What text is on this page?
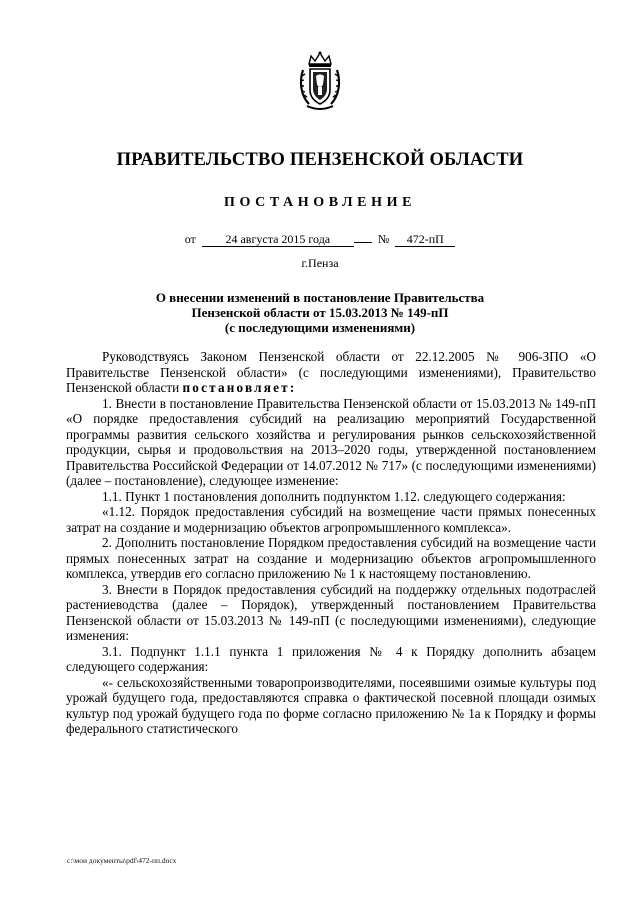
ПРАВИТЕЛЬСТВО ПЕНЗЕНСКОЙ ОБЛАСТИ
ПОСТАНОВЛЕНИЕ
от 24 августа 2015 года	№ 472-пП
г.Пенза
О внесении изменений в постановление Правительства
Пензенской области от 15.03.2013 № 149-пП
(с последующими изменениями)

Руководствуясь Законом Пензенской области от 22.12.2005 № 906-ЗПО «О Правительстве Пензенской области» (с последующими изменениями), Правительство Пензенской области постановляет:

1. Внести в постановление Правительства Пензенской области от 15.03.2013 № 149-пП «О порядке предоставления субсидий на реализацию мероприятий Государственной программы развития сельского хозяйства и регулирования рынков сельскохозяйственной продукции, сырья и продовольствия на 2013–2020 годы, утвержденной постановлением Правительства Российской Федерации от 14.07.2012 № 717» (с последующими изменениями) (далее – постановление), следующее изменение:

1.1. Пункт 1 постановления дополнить подпунктом 1.12. следующего содержания:

«1.12. Порядок предоставления субсидий на возмещение части прямых понесенных затрат на создание и модернизацию объектов агропромышленного комплекса».

2. Дополнить постановление Порядком предоставления субсидий на возмещение части прямых понесенных затрат на создание и модернизацию объектов агропромышленного комплекса, утвердив его согласно приложению № 1 к настоящему постановлению.

3. Внести в Порядок предоставления субсидий на поддержку отдельных подотраслей растениеводства (далее – Порядок), утвержденный постановлением Правительства Пензенской области от 15.03.2013 № 149-пП (с последующими изменениями), следующие изменения:

3.1. Подпункт 1.1.1 пункта 1 приложения № 4 к Порядку дополнить абзацем следующего содержания:

«- сельскохозяйственными товаропроизводителями, посеявшими озимые культуры под урожай будущего года, предоставляются справка о фактической посевной площади озимых культур под урожай будущего года по форме согласно приложению № 1а к Порядку и формы федерального статистического

c:\мои документы\pdf\472-пп.docx
